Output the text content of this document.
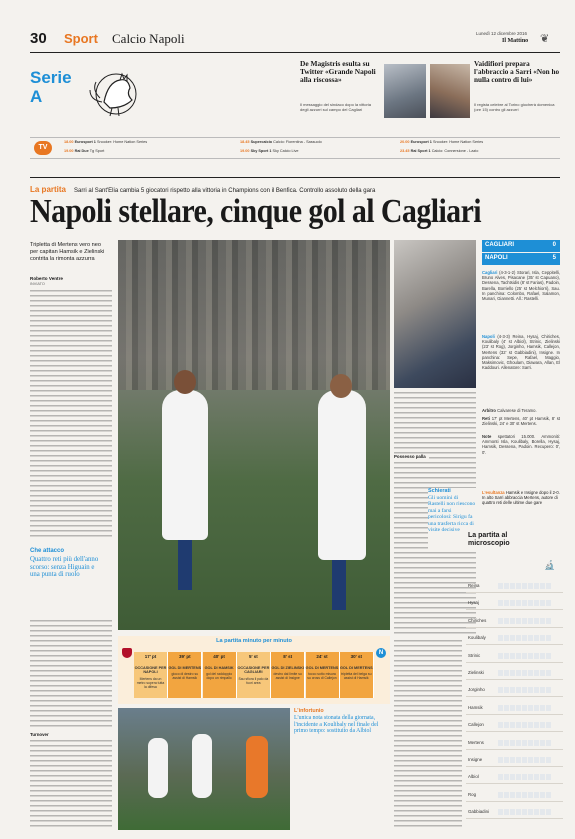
30 Sport Calcio Napoli	Lunedì 12 dicembre 2016
Il Mattino ❦
Serie
A
De Magistris esulta su Twitter «Grande Napoli alla riscossa»
Il messaggio del sindaco dopo la vittoria degli azzurri sul campo del Cagliari
Vaidifiori prepara l'abbraccio a Sarri «Non ho nulla contro di lui»
Il regista celebre al Torino giocherà domenica (ore 15) contro gli azzurri
TV
18.00 Eurosport 1 Snooker: Home Nation Series	18.45 Supercalcio Calcio: Fiorentina - Sassuolo	20.00 Eurosport 1 Snooker: Home Nation Series
19.00 Rai Due Tg Sport	19.00 Sky Sport 1 Sky Calcio Live	23.45 Rai Sport 1 Calcio: Connersione - Lazio
La partita Sarri al Sant'Elia cambia 5 giocatori rispetto alla vittoria in Champions con il Benfica. Controllo assoluto della gara
Napoli stellare, cinque gol al Cagliari
Tripletta di Mertens vero neo per capitan Hamsik e Zielinski contrita la rimonta azzurra
Roberto Ventre
INVIATO
Che attacco
Quattro reti più dell'anno scorso: senza Higuain e una punta di ruolo
Turnover
Possesso palla
Schierati
Gli uomini di Rastelli non riescono mai a farsi pericolosi: Sirigu fa una trasferta ricca di visite decisive
CAGLIARI	0
NAPOLI	5
Cagliari (4-3-1-2) Storari, Isla, Ceppitelli, Bruno Alves, Pisacane (35' st Capuano), Dessena, Tachtsidis (8' st Farias), Padoin, Barella, Borriello (25' st Melchiorri), Sau. In panchina: Colombo, Rafael, Salamon, Munari, Giannetti. All.: Rastelli.
Napoli (4-3-3) Reina, Hysaj, Chiriches, Koulibaly (4' st Albiol), Strinic, Zielinski (23' st Rog), Jorginho, Hamsik, Callejon, Mertens (32' st Gabbiadini), Insigne. In panchina: Sepe, Rafael, Maggio, Maksimovic, Ghoulam, Diawara, Allan, El Kaddouri. Allenatore: Sarri.
Arbitro Calvarese di Teramo.
Reti 17' pt Mertens, 40' pt Hamsik, 8' st Zielinski, 24' e 30' st Mertens.
Note spettatori 15.000. Ammoniti: Ammonti Isla, Koulibaly, Borella, Hysaj, Hamsik, Dessena, Padoin. Recupero: 0', 0'.
L'esultanza Hamsik e Insigne dopo il 2-0. In alto Sarri abbraccia Mertens, autore di quattro reti delle ultime due gare
La partita al microscopio
🔬
Reina
Hysaj
Chiriches
Koulibaly
Strinic
Zielinski
Jorginho
Hamsik
Callejon
Mertens
Insigne
Albiol
Rog
Gabbiadini
La partita minuto per minuto
N
17' pt
OCCASIONE PER NAPOLI
Mertens da un metro supera tutta la difesa
39' pt
GOL DI MERTENS
gioco di destro su assist di Hamsik
40' pt
GOL DI HAMSIK
gol del raddoppio dopo un rimpallo
5' st
OCCASIONE PER CAGLIARI
Sau sfiora il palo da fuori area
8' st
GOL DI ZIELINSKI
destro dal limite su assist di Insigne
24' st
GOL DI MERTENS
tocco sotto misura su cross di Callejon
30' st
GOL DI MERTENS
tripletta del belga su assist di Hamsik
L'infortunio
L'unica nota stonata della giornata, l'incidente a Koulibaly nel finale del primo tempo: sostituito da Albiol
